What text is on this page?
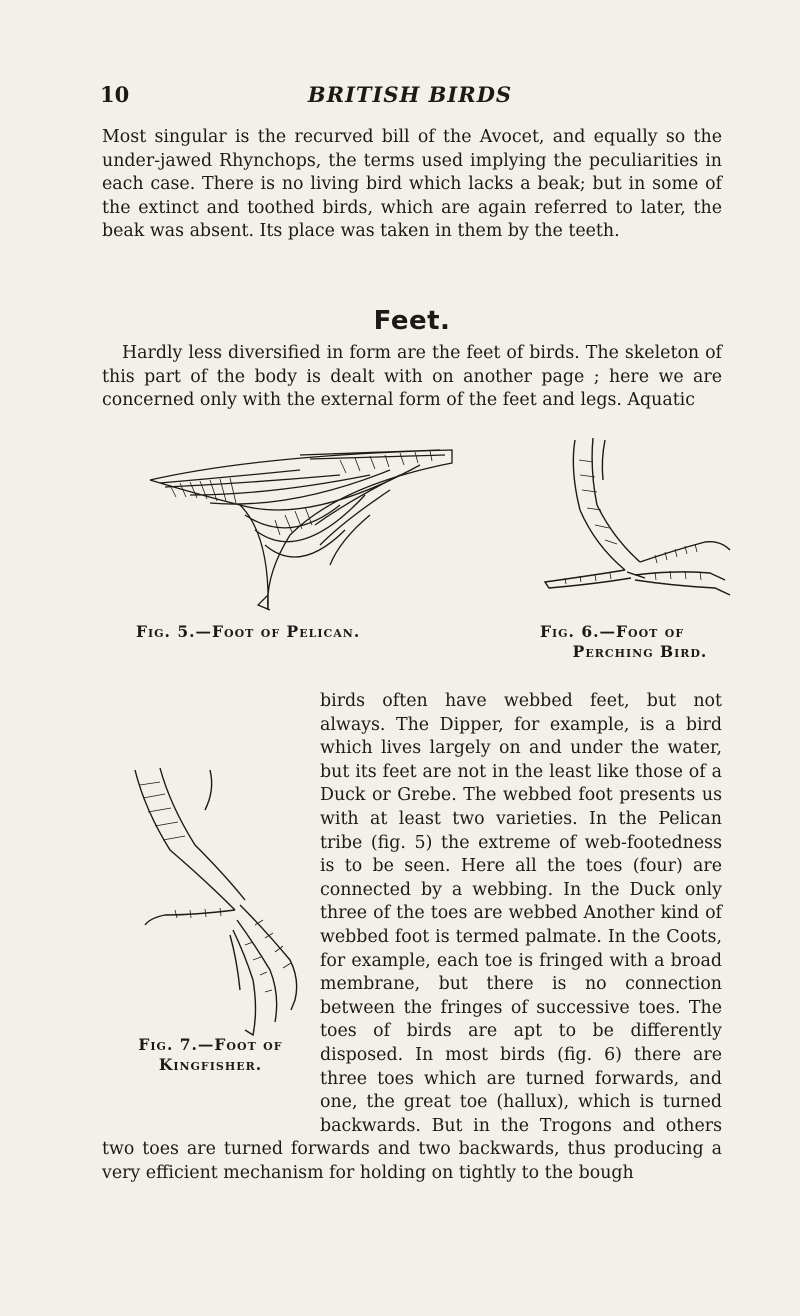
10	BRITISH BIRDS

Most singular is the recurved bill of the Avocet, and equally so the under-jawed Rhynchops, the terms used implying the peculiarities in each case. There is no living bird which lacks a beak; but in some of the extinct and toothed birds, which are again referred to later, the beak was absent. Its place was taken in them by the teeth.

Feet.

Hardly less diversified in form are the feet of birds. The skeleton of this part of the body is dealt with on another page ; here we are concerned only with the external form of the feet and legs. Aquatic

Fig. 5.—Foot of Pelican.	Fig. 6.—Foot of
Perching Bird.
Fig. 7.—Foot of
Kingfisher.
birds often have webbed feet, but not always. The Dipper, for example, is a bird which lives largely on and under the water, but its feet are not in the least like those of a Duck or Grebe. The webbed foot presents us with at least two varieties. In the Pelican tribe (fig. 5) the extreme of web-footedness is to be seen. Here all the toes (four) are connected by a webbing. In the Duck only three of the toes are webbed Another kind of webbed foot is termed palmate. In the Coots, for example, each toe is fringed with a broad membrane, but there is no connection between the fringes of successive toes. The toes of birds are apt to be differently disposed. In most birds (fig. 6) there are three toes which are turned forwards, and one, the great toe (hallux), which is turned backwards. But in the Trogons and others two toes are turned forwards and two backwards, thus producing a very efficient mechanism for holding on tightly to the bough
